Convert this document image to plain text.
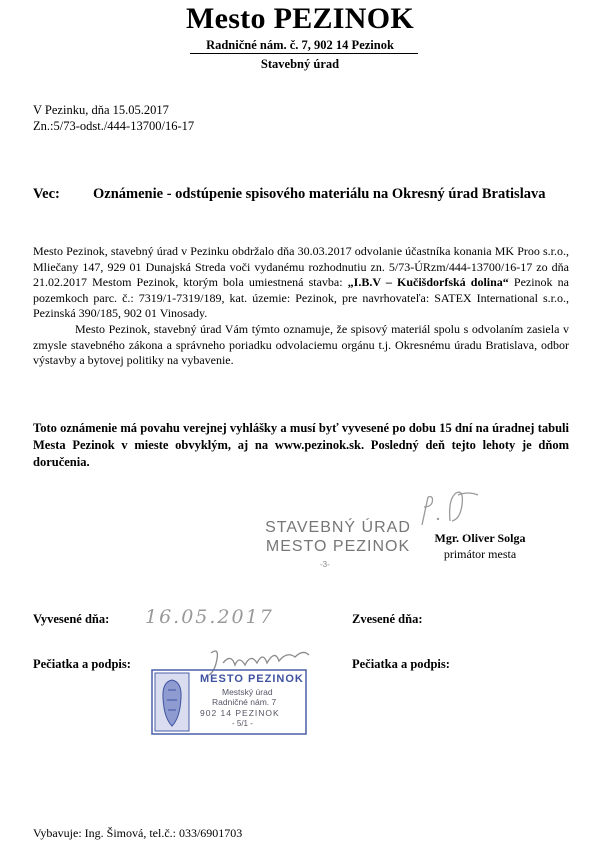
Mesto PEZINOK
Radničné nám. č. 7, 902 14 Pezinok
Stavebný úrad
V Pezinku, dňa 15.05.2017
Zn.:5/73-odst./444-13700/16-17
Vec: Oznámenie - odstúpenie spisového materiálu na Okresný úrad Bratislava
Mesto Pezinok, stavebný úrad v Pezinku obdržalo dňa 30.03.2017 odvolanie účastníka konania MK Proo s.r.o., Mliečany 147, 929 01 Dunajská Streda voči vydanému rozhodnutiu zn. 5/73-ÚRzm/444-13700/16-17 zo dňa 21.02.2017 Mestom Pezinok, ktorým bola umiestnená stavba: „I.B.V – Kučišdorfská dolina“ Pezinok na pozemkoch parc. č.: 7319/1-7319/189, kat. územie: Pezinok, pre navrhovateľa: SATEX International s.r.o., Pezinská 390/185, 902 01 Vinosady.
Mesto Pezinok, stavebný úrad Vám týmto oznamuje, že spisový materiál spolu s odvolaním zasiela v zmysle stavebného zákona a správneho poriadku odvolaciemu orgánu t.j. Okresnému úradu Bratislava, odbor výstavby a bytovej politiky na vybavenie.
Toto oznámenie má povahu verejnej vyhlášky a musí byť vyvesené po dobu 15 dní na úradnej tabuli Mesta Pezinok v mieste obvyklým, aj na www.pezinok.sk. Posledný deň tejto lehoty je dňom doručenia.
STAVEBNÝ ÚRAD
MESTO PEZINOK
-3-
Mgr. Oliver Solga
primátor mesta
Vyvesené dňa: 16.05.2017	Zvesené dňa:
Pečiatka a podpis:	Pečiatka a podpis:
MESTO PEZINOK
Mestský úrad
Radničné nám. 7
902 14 PEZINOK
- 5/1 -
Vybavuje: Ing. Šimová, tel.č.: 033/6901703
